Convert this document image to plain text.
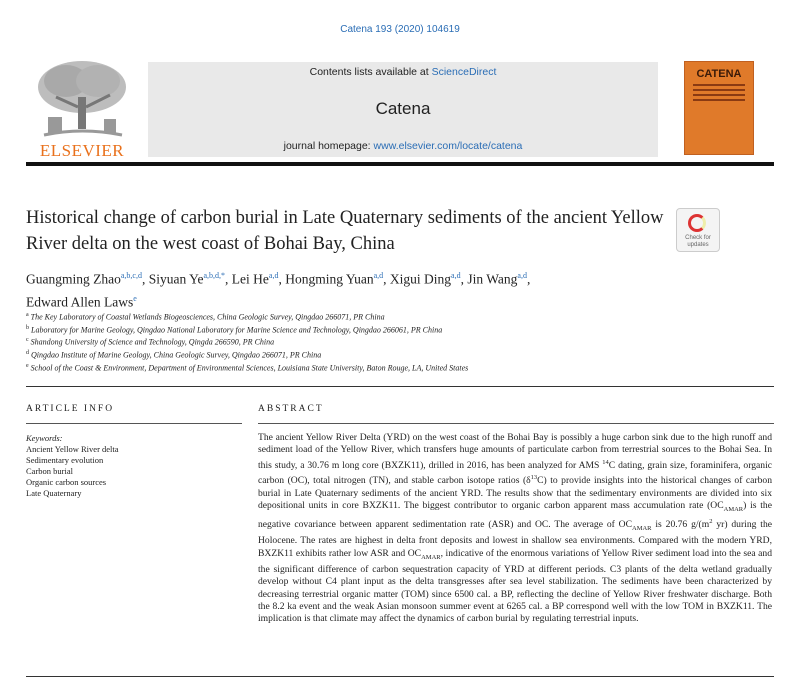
Catena 193 (2020) 104619
ELSEVIER
Contents lists available at ScienceDirect
Catena
journal homepage: www.elsevier.com/locate/catena
CATENA
Historical change of carbon burial in Late Quaternary sediments of the ancient Yellow River delta on the west coast of Bohai Bay, China	Check for updates
Guangming Zhao$^{a,b,c,d}$, Siyuan $Ye^{a,b,d,*}$, Lei He$^{a,d}$, Hongming Yuan$^{a,d}$, Xigui Ding$^{a,d}$, Jin Wang$^{a,d}$,
Edward Allen Laws$^e$
$^a$ The Key Laboratory of Coastal Wetlands Biogeosciences, China Geologic Survey, Qingdao 266071, PR China
$^b$ Laboratory for Marine Geology, Qingdao National Laboratory for Marine Science and Technology, Qingdao 266061, PR China
$^c$ Shandong University of Science and Technology, Qingda 266590, PR China
$^d$ Qingdao Institute of Marine Geology, China Geologic Survey, Qingdao 266071, PR China
$^e$ School of the Coast & Environment, Department of Environmental Sciences, Louisiana State University, Baton Rouge, LA, United States
ARTICLE INFO
Keywords:
Ancient Yellow River delta
Sedimentary evolution
Carbon burial
Organic carbon sources
Late Quaternary
ABSTRACT
The ancient Yellow River Delta (YRD) on the west coast of the Bohai Bay is possibly a huge carbon sink due to the high runoff and sediment load of the Yellow River, which transfers huge amounts of particulate carbon from terrestrial sources to the Bohai Sea. In this study, a 30.76 m long core (BXZK11), drilled in 2016, has been analyzed for AMS $^{14}$C dating, grain size, foraminifera, organic carbon (OC), total nitrogen (TN), and stable carbon isotope ratios $(\delta^{13}C)$ to provide insights into the historical changes of carbon burial in Late Quaternary sediments of the ancient YRD. The results show that the sedimentary environments are divided into six depositional units in core BXZK11. The biggest contributor to organic carbon apparent mass accumulation rate $(OC_{AMAR})$ is the negative covariance between apparent sedimentation rate (ASR) and OC. The average of $OC_{AMAR}$ is 20.76 $g/(m^2$ yr) during the Holocene. The rates are highest in delta front deposits and lowest in shallow sea environments. Compared with the modern YRD, BXZK11 exhibits rather low ASR and $OC_{AMAR}$, indicative of the enormous variations of Yellow River sediment load into the sea and the significant difference of carbon sequestration capacity of YRD at different periods. C3 plants of the delta wetland gradually develop without C4 plant input as the delta transgresses after sea level stabilization. The sediments have been characterized by decreasing terrestrial organic matter (TOM) since 6500 cal. a BP, reflecting the decline of Yellow River freshwater discharge. Both the 8.2 ka event and the weak Asian monsoon summer event at 6265 cal. a BP correspond well with the low TOM in BXZK11. The implication is that climate may affect the dynamics of carbon burial by regulating terrestrial inputs.
